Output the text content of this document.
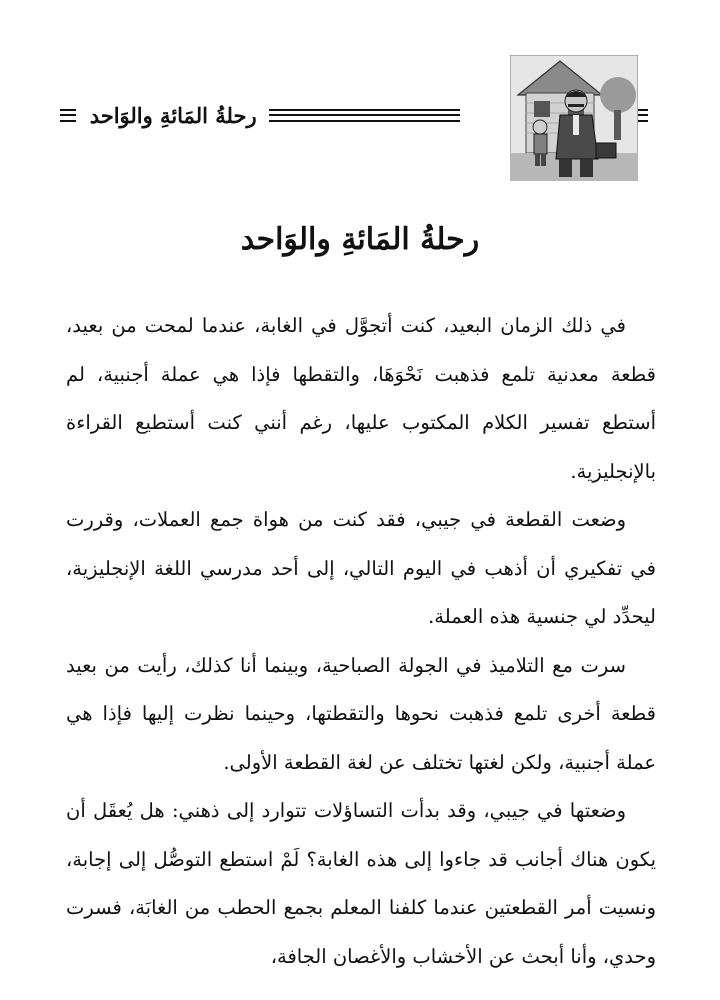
رحلةُ المَائةِ والوَاحد
رحلةُ المَائةِ والوَاحد

في ذلك الزمان البعيد، كنت أتجوَّل في الغابة، عندما لمحت من بعيد، قطعة معدنية تلمع فذهبت نَحْوَهَا، والتقطها فإذا هي عملة أجنبية، لم أستطع تفسير الكلام المكتوب عليها، رغم أنني كنت أستطيع القراءة بالإنجليزية.

وضعت القطعة في جيبي، فقد كنت من هواة جمع العملات، وقررت في تفكيري أن أذهب في اليوم التالي، إلى أحد مدرسي اللغة الإنجليزية، ليحدِّد لي جنسية هذه العملة.

سرت مع التلاميذ في الجولة الصباحية، وبينما أنا كذلك، رأيت من بعيد قطعة أخرى تلمع فذهبت نحوها والتقطتها، وحينما نظرت إليها فإذا هي عملة أجنبية، ولكن لغتها تختلف عن لغة القطعة الأولى.

وضعتها في جيبي، وقد بدأت التساؤلات تتوارد إلى ذهني: هل يُعقَل أن يكون هناك أجانب قد جاءوا إلى هذه الغابة؟ لَمْ استطع التوصُّل إلى إجابة، ونسيت أمر القطعتين عندما كلفنا المعلم بجمع الحطب من الغابَة، فسرت وحدي، وأنا أبحث عن الأخشاب والأغصان الجافة،
